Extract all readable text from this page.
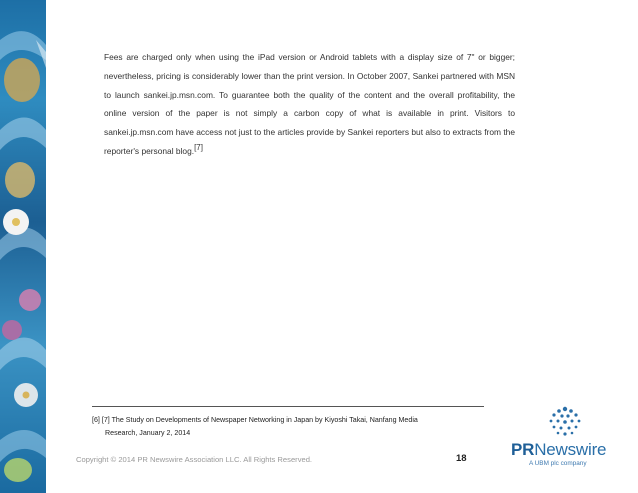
Fees are charged only when using the iPad version or Android tablets with a display size of 7" or bigger; nevertheless, pricing is considerably lower than the print version. In October 2007, Sankei partnered with MSN to launch sankei.jp.msn.com. To guarantee both the quality of the content and the overall profitability, the online version of the paper is not simply a carbon copy of what is available in print. Visitors to sankei.jp.msn.com have access not just to the articles provide by Sankei reporters but also to extracts from the reporter's personal blog.[7]

[6] [7] The Study on Developments of Newspaper Networking in Japan by Kiyoshi Takai, Nanfang Media
Research, January 2, 2014

Copyright © 2014 PR Newswire Association LLC. All Rights Reserved.	18	PRNewswire
A UBM plc company
